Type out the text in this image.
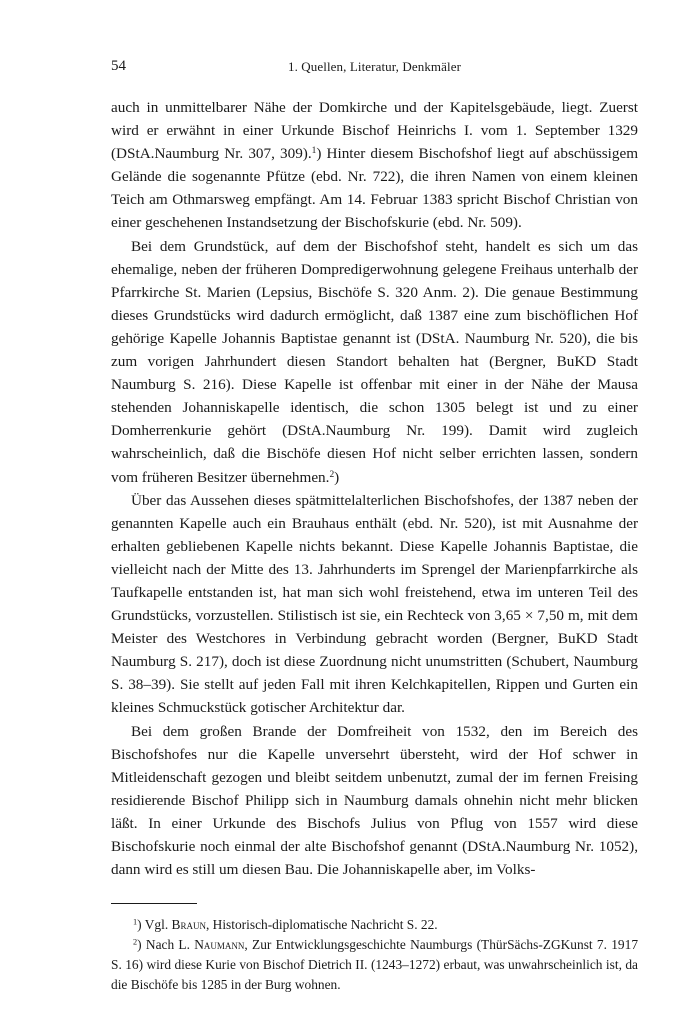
54	1. Quellen, Literatur, Denkmäler

auch in unmittelbarer Nähe der Domkirche und der Kapitelsgebäude, liegt. Zuerst wird er erwähnt in einer Urkunde Bischof Heinrichs I. vom 1. September 1329 (DStA.Naumburg Nr. 307, 309).$^1$) Hinter diesem Bischofshof liegt auf abschüssigem Gelände die sogenannte Pfütze (ebd. Nr. 722), die ihren Namen von einem kleinen Teich am Othmarsweg empfängt. Am 14. Februar 1383 spricht Bischof Christian von einer geschehenen Instandsetzung der Bischofskurie (ebd. Nr. 509).

Bei dem Grundstück, auf dem der Bischofshof steht, handelt es sich um das ehemalige, neben der früheren Dompredigerwohnung gelegene Freihaus unterhalb der Pfarrkirche St. Marien (Lepsius, Bischöfe S. 320 Anm. 2). Die genaue Bestimmung dieses Grundstücks wird dadurch ermöglicht, daß 1387 eine zum bischöflichen Hof gehörige Kapelle Johannis Baptistae genannt ist (DStA. Naumburg Nr. 520), die bis zum vorigen Jahrhundert diesen Standort behalten hat (Bergner, BuKD Stadt Naumburg S. 216). Diese Kapelle ist offenbar mit einer in der Nähe der Mausa stehenden Johanniskapelle identisch, die schon 1305 belegt ist und zu einer Domherrenkurie gehört (DStA.Naumburg Nr. 199). Damit wird zugleich wahrscheinlich, daß die Bischöfe diesen Hof nicht selber errichten lassen, sondern vom früheren Besitzer übernehmen.$^2$)

Über das Aussehen dieses spätmittelalterlichen Bischofshofes, der 1387 neben der genannten Kapelle auch ein Brauhaus enthält (ebd. Nr. 520), ist mit Ausnahme der erhalten gebliebenen Kapelle nichts bekannt. Diese Kapelle Johannis Baptistae, die vielleicht nach der Mitte des 13. Jahrhunderts im Sprengel der Marienpfarrkirche als Taufkapelle entstanden ist, hat man sich wohl freistehend, etwa im unteren Teil des Grundstücks, vorzustellen. Stilistisch ist sie, ein Rechteck von 3,65 × 7,50 m, mit dem Meister des Westchores in Verbindung gebracht worden (Bergner, BuKD Stadt Naumburg S. 217), doch ist diese Zuordnung nicht unumstritten (Schubert, Naumburg S. 38–39). Sie stellt auf jeden Fall mit ihren Kelchkapitellen, Rippen und Gurten ein kleines Schmuckstück gotischer Architektur dar.

Bei dem großen Brande der Domfreiheit von 1532, den im Bereich des Bischofshofes nur die Kapelle unversehrt übersteht, wird der Hof schwer in Mitleidenschaft gezogen und bleibt seitdem unbenutzt, zumal der im fernen Freising residierende Bischof Philipp sich in Naumburg damals ohnehin nicht mehr blicken läßt. In einer Urkunde des Bischofs Julius von Pflug von 1557 wird diese Bischofskurie noch einmal der alte Bischofshof genannt (DStA.Naumburg Nr. 1052), dann wird es still um diesen Bau. Die Johanniskapelle aber, im Volks-

$^1$) Vgl. Braun, Historisch-diplomatische Nachricht S. 22.

$^2$) Nach L. Naumann, Zur Entwicklungsgeschichte Naumburgs (ThürSächs-ZGKunst 7. 1917 S. 16) wird diese Kurie von Bischof Dietrich II. (1243–1272) erbaut, was unwahrscheinlich ist, da die Bischöfe bis 1285 in der Burg wohnen.
